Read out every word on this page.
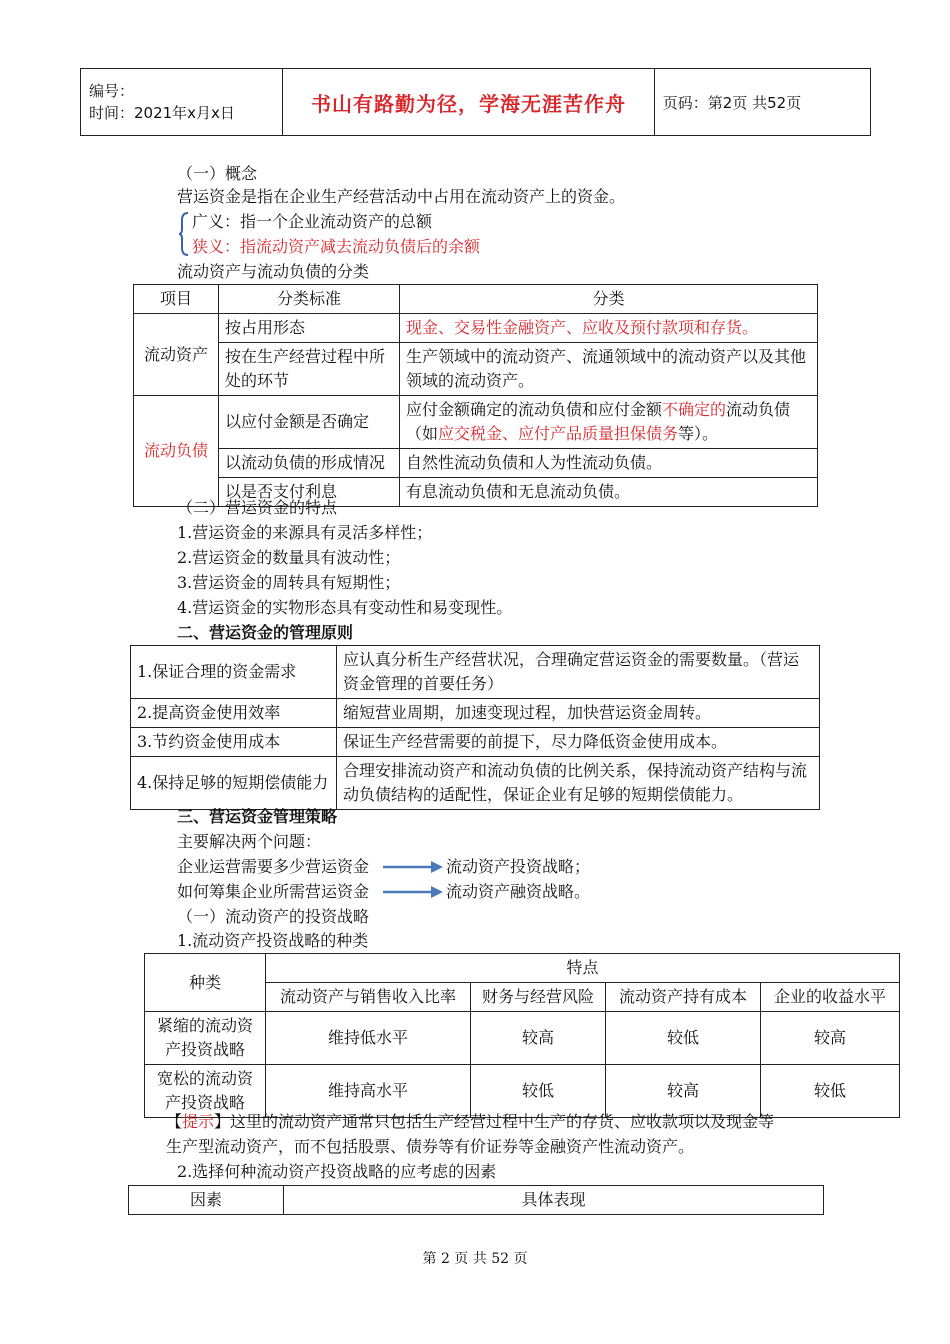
编号：
时间：2021年x月x日	书山有路勤为径，学海无涯苦作舟	页码：第2页 共52页
（一）概念
营运资金是指在企业生产经营活动中占用在流动资产上的资金。
广义：指一个企业流动资产的总额
狭义：指流动资产减去流动负债后的余额
流动资产与流动负债的分类
项目	分类标准	分类
流动资产	按占用形态	现金、交易性金融资产、应收及预付款项和存货。
	按在生产经营过程中所处的环节	生产领域中的流动资产、流通领域中的流动资产以及其他领域的流动资产。
流动负债	以应付金额是否确定	应付金额确定的流动负债和应付金额不确定的流动负债（如应交税金、应付产品质量担保债务等）。
	以流动负债的形成情况	自然性流动负债和人为性流动负债。
	以是否支付利息	有息流动负债和无息流动负债。
（二）营运资金的特点
1.营运资金的来源具有灵活多样性；
2.营运资金的数量具有波动性；
3.营运资金的周转具有短期性；
4.营运资金的实物形态具有变动性和易变现性。
二、营运资金的管理原则
1.保证合理的资金需求	应认真分析生产经营状况，合理确定营运资金的需要数量。（营运资金管理的首要任务）
2.提高资金使用效率	缩短营业周期，加速变现过程，加快营运资金周转。
3.节约资金使用成本	保证生产经营需要的前提下，尽力降低资金使用成本。
4.保持足够的短期偿债能力	合理安排流动资产和流动负债的比例关系，保持流动资产结构与流动负债结构的适配性，保证企业有足够的短期偿债能力。
三、营运资金管理策略
主要解决两个问题：
企业运营需要多少营运资金	流动资产投资战略；
如何筹集企业所需营运资金	流动资产融资战略。
（一）流动资产的投资战略
1.流动资产投资战略的种类
种类	特点			
	流动资产与销售收入比率	财务与经营风险	流动资产持有成本	企业的收益水平
紧缩的流动资产投资战略	维持低水平	较高	较低	较高
宽松的流动资产投资战略	维持高水平	较低	较高	较低
【提示】这里的流动资产通常只包括生产经营过程中生产的存货、应收款项以及现金等
生产型流动资产，而不包括股票、债券等有价证券等金融资产性流动资产。
2.选择何种流动资产投资战略的应考虑的因素
因素	具体表现
第 2 页 共 52 页
